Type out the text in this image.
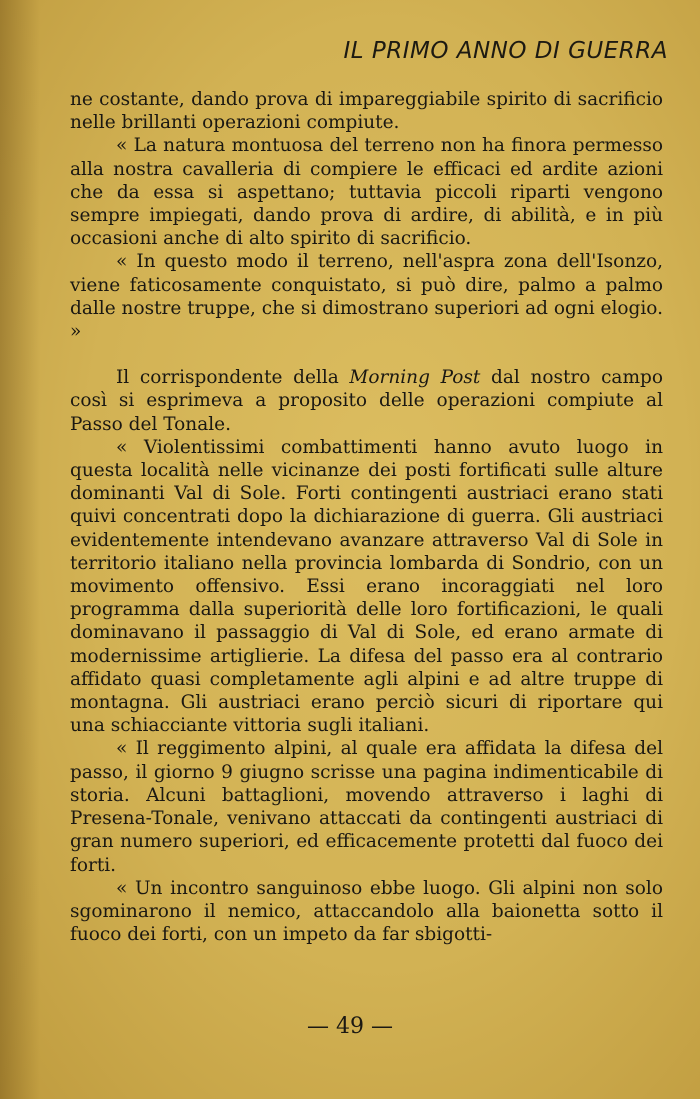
IL PRIMO ANNO DI GUERRA

ne costante, dando prova di impareggiabile spirito di sacrificio nelle brillanti operazioni compiute.

« La natura montuosa del terreno non ha finora permesso alla nostra cavalleria di compiere le efficaci ed ardite azioni che da essa si aspettano; tuttavia piccoli riparti vengono sempre impiegati, dando prova di ardire, di abilità, e in più occasioni anche di alto spirito di sacrificio.

« In questo modo il terreno, nell'aspra zona dell'Isonzo, viene faticosamente conquistato, si può dire, palmo a palmo dalle nostre truppe, che si dimostrano superiori ad ogni elogio. »

Il corrispondente della Morning Post dal nostro campo così si esprimeva a proposito delle operazioni compiute al Passo del Tonale.

« Violentissimi combattimenti hanno avuto luogo in questa località nelle vicinanze dei posti fortificati sulle alture dominanti Val di Sole. Forti contingenti austriaci erano stati quivi concentrati dopo la dichiarazione di guerra. Gli austriaci evidentemente intendevano avanzare attraverso Val di Sole in territorio italiano nella provincia lombarda di Sondrio, con un movimento offensivo. Essi erano incoraggiati nel loro programma dalla superiorità delle loro fortificazioni, le quali dominavano il passaggio di Val di Sole, ed erano armate di modernissime artiglierie. La difesa del passo era al contrario affidato quasi completamente agli alpini e ad altre truppe di montagna. Gli austriaci erano perciò sicuri di riportare qui una schiacciante vittoria sugli italiani.

« Il reggimento alpini, al quale era affidata la difesa del passo, il giorno 9 giugno scrisse una pagina indimenticabile di storia. Alcuni battaglioni, movendo attraverso i laghi di Presena-Tonale, venivano attaccati da contingenti austriaci di gran numero superiori, ed efficacemente protetti dal fuoco dei forti.

« Un incontro sanguinoso ebbe luogo. Gli alpini non solo sgominarono il nemico, attaccandolo alla baionetta sotto il fuoco dei forti, con un impeto da far sbigotti-

— 49 —
